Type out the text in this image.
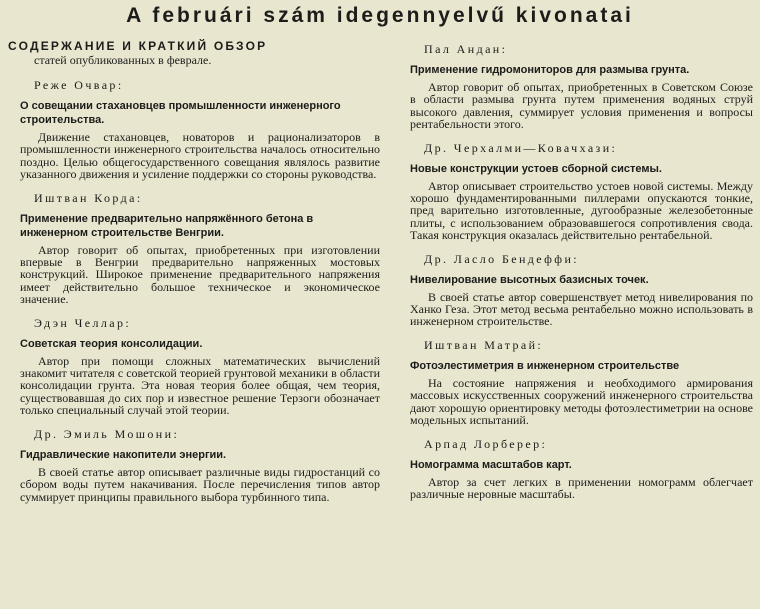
A februári szám idegennyelvű kivonatai
СОДЕРЖАНИЕ И КРАТКИЙ ОБЗОР
статей опубликованных в феврале.
Реже Очвар:
О совещании стахановцев промышленности инженерного строительства.
Движение стахановцев, новаторов и рационализаторов в промышленности инженерного строительства началось относительно поздно. Целью общегосударственного совещания являлось развитие указанного движения и усиление поддержки со стороны руководства.
Иштван Корда:
Применение предварительно напряжённого бетона в инженерном строительстве Венгрии.
Автор говорит об опытах, приобретенных при изготовлении впервые в Венгрии предварительно напряженных мостовых конструкций. Широкое применение предварительного напряжения имеет действительно большое техническое и экономическое значение.
Эдэн Челлар:
Советская теория консолидации.
Автор при помощи сложных математических вычислений знакомит читателя с советской теорией грунтовой механики в области консолидации грунта. Эта новая теория более общая, чем теория, существовавшая до сих пор и известное решение Терзоги обозначает только специальный случай этой теории.
Др. Эмиль Мошони:
Гидравлические накопители энергии.
В своей статье автор описывает различные виды гидростанций со сбором воды путем накачивания. После перечисления типов автор суммирует принципы правильного выбора турбинного типа.
Пал Андан:
Применение гидромониторов для размыва грунта.
Автор говорит об опытах, приобретенных в Советском Союзе в области размыва грунта путем применения водяных струй высокого давления, суммирует условия применения и вопросы рентабельности этого.
Др. Черхалми—Ковачхази:
Новые конструкции устоев сборной системы.
Автор описывает строительство устоев новой системы. Между хорошо фундаментированными пиллерами опускаются тонкие, пред варительно изготовленные, дугообразные железобетонные плиты, с использованием образовавшегося сопротивления свода. Такая конструкция оказалась действительно рентабельной.
Др. Ласло Бендеффи:
Нивелирование высотных базисных точек.
В своей статье автор совершенствует метод нивелирования по Ханко Геза. Этот метод весьма рентабельно можно использовать в инженерном строительстве.
Иштван Матрай:
Фотоэлестиметрия в инженерном строительстве
На состояние напряжения и необходимого армирования массовых искусственных сооружений инженерного строительства дают хорошую ориентировку методы фотоэлестиметрии на основе модельных испытаний.
Арпад Лорберер:
Номограмма масштабов карт.
Автор за счет легких в применении номограмм облегчает различные неровные масштабы.
